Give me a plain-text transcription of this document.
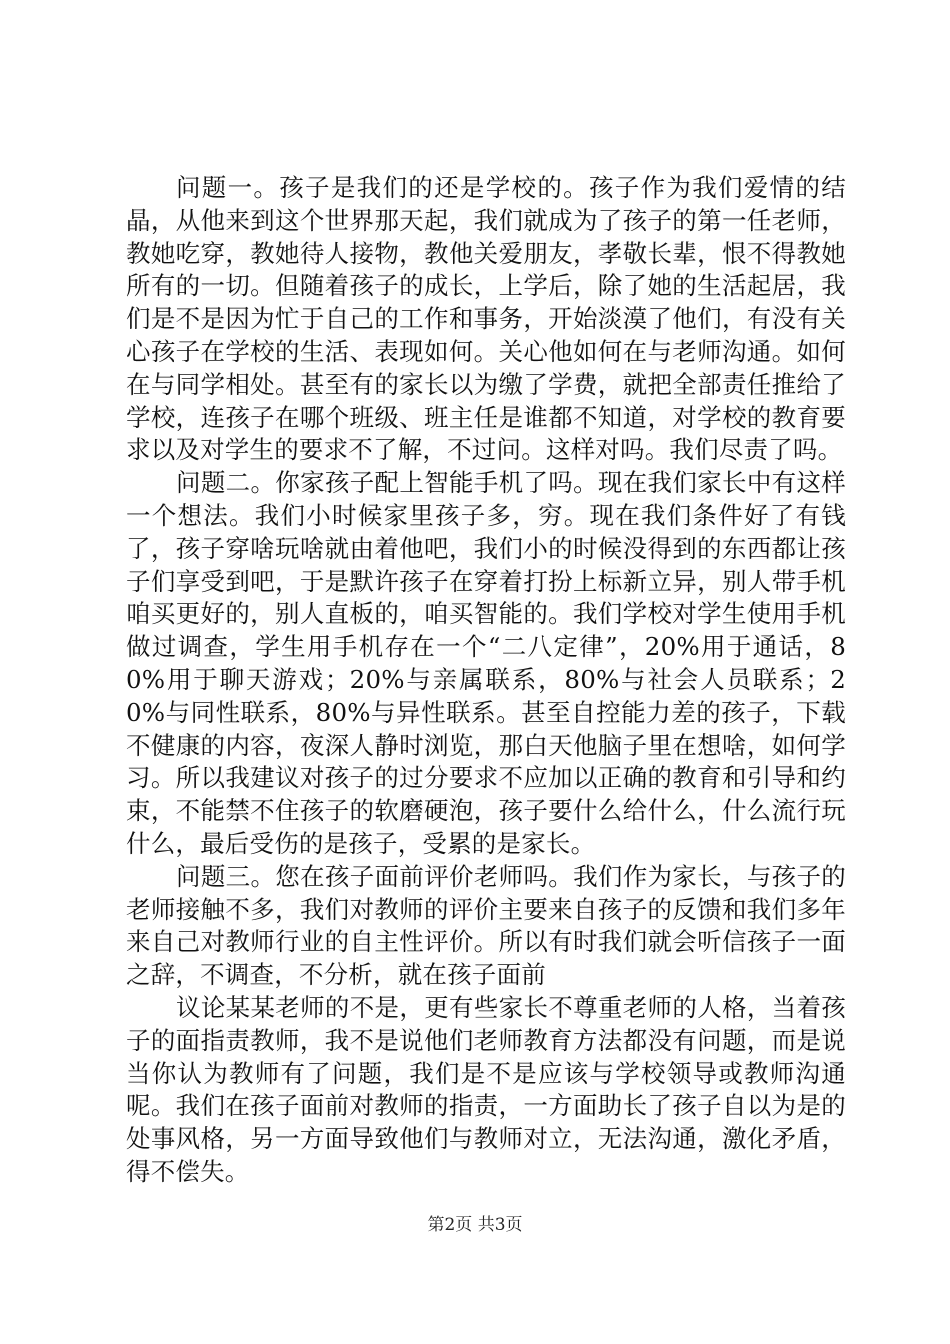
问题一。孩子是我们的还是学校的。孩子作为我们爱情的结晶，从他来到这个世界那天起，我们就成为了孩子的第一任老师，教她吃穿，教她待人接物，教他关爱朋友，孝敬长辈，恨不得教她所有的一切。但随着孩子的成长，上学后，除了她的生活起居，我们是不是因为忙于自己的工作和事务，开始淡漠了他们，有没有关心孩子在学校的生活、表现如何。关心他如何在与老师沟通。如何在与同学相处。甚至有的家长以为缴了学费，就把全部责任推给了学校，连孩子在哪个班级、班主任是谁都不知道，对学校的教育要求以及对学生的要求不了解，不过问。这样对吗。我们尽责了吗。

问题二。你家孩子配上智能手机了吗。现在我们家长中有这样一个想法。我们小时候家里孩子多，穷。现在我们条件好了有钱了，孩子穿啥玩啥就由着他吧，我们小的时候没得到的东西都让孩子们享受到吧，于是默许孩子在穿着打扮上标新立异，别人带手机咱买更好的，别人直板的，咱买智能的。我们学校对学生使用手机做过调查，学生用手机存在一个“二八定律”，20%用于通话，80%用于聊天游戏；20%与亲属联系，80%与社会人员联系；20%与同性联系，80%与异性联系。甚至自控能力差的孩子，下载不健康的内容，夜深人静时浏览，那白天他脑子里在想啥，如何学习。所以我建议对孩子的过分要求不应加以正确的教育和引导和约束，不能禁不住孩子的软磨硬泡，孩子要什么给什么，什么流行玩什么，最后受伤的是孩子，受累的是家长。

问题三。您在孩子面前评价老师吗。我们作为家长，与孩子的老师接触不多，我们对教师的评价主要来自孩子的反馈和我们多年来自己对教师行业的自主性评价。所以有时我们就会听信孩子一面之辞，不调查，不分析，就在孩子面前

议论某某老师的不是，更有些家长不尊重老师的人格，当着孩子的面指责教师，我不是说他们老师教育方法都没有问题，而是说当你认为教师有了问题，我们是不是应该与学校领导或教师沟通呢。我们在孩子面前对教师的指责，一方面助长了孩子自以为是的处事风格，另一方面导致他们与教师对立，无法沟通，激化矛盾，得不偿失。

第2页 共3页
